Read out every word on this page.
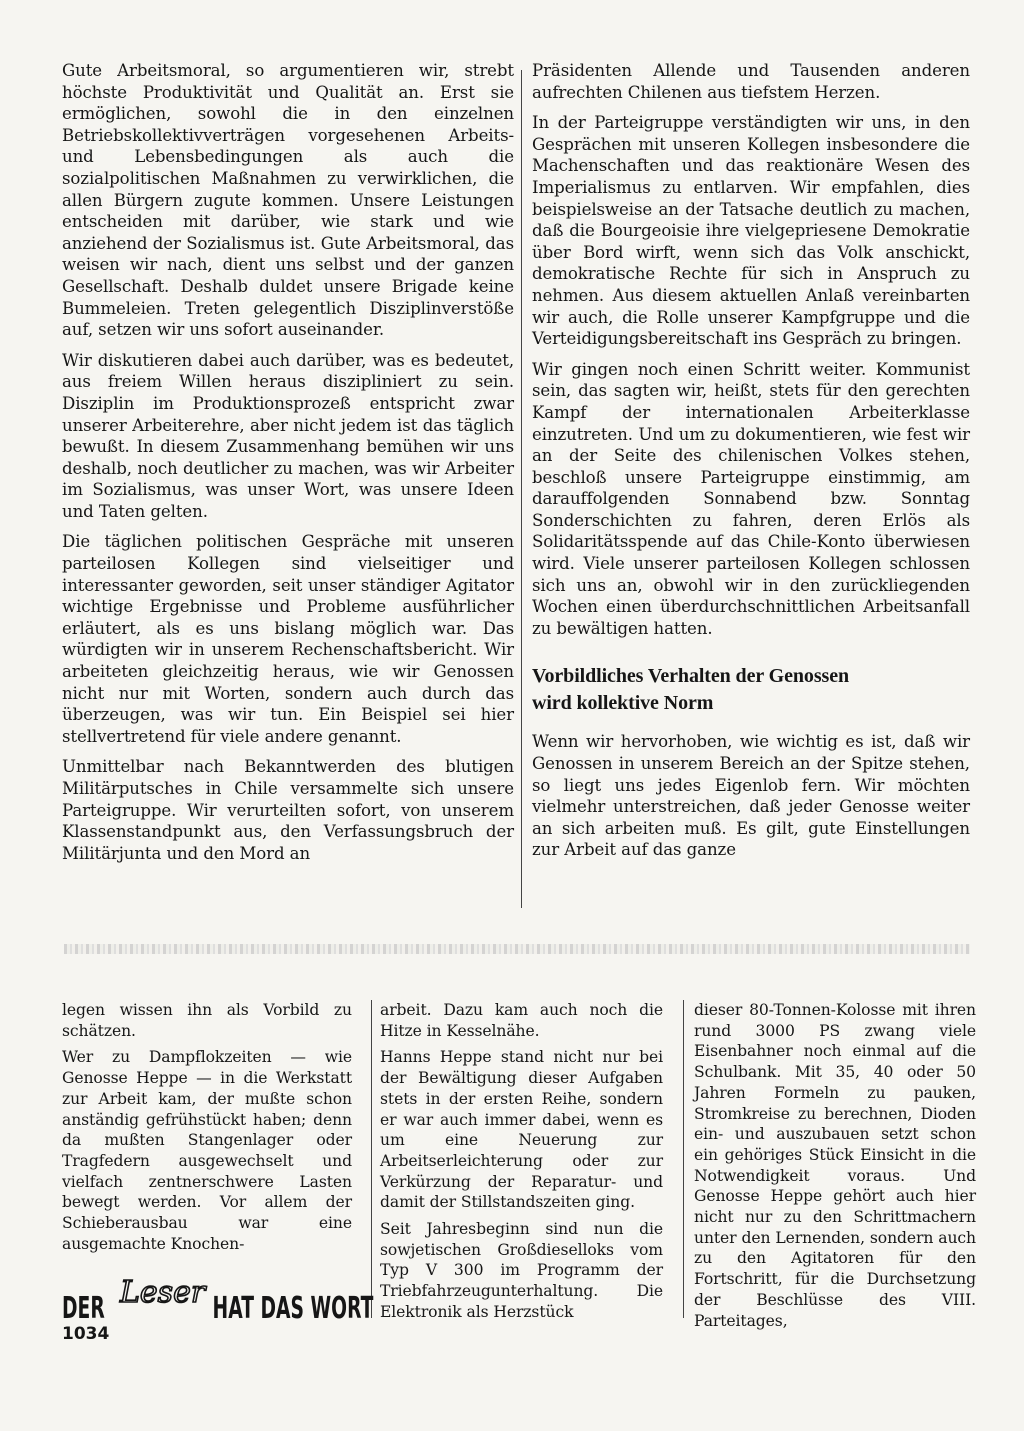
Gute Arbeitsmoral, so argumentieren wir, strebt höchste Produktivität und Qualität an. Erst sie ermöglichen, sowohl die in den einzelnen Betriebskollektivverträgen vorgesehenen Arbeits- und Lebensbedingungen als auch die sozialpolitischen Maßnahmen zu verwirklichen, die allen Bürgern zugute kommen. Unsere Leistungen entscheiden mit darüber, wie stark und wie anziehend der Sozialismus ist. Gute Arbeitsmoral, das weisen wir nach, dient uns selbst und der ganzen Gesellschaft. Deshalb duldet unsere Brigade keine Bummeleien. Treten gelegentlich Disziplinverstöße auf, setzen wir uns sofort auseinander.

Wir diskutieren dabei auch darüber, was es bedeutet, aus freiem Willen heraus diszipliniert zu sein. Disziplin im Produktionsprozeß entspricht zwar unserer Arbeiterehre, aber nicht jedem ist das täglich bewußt. In diesem Zusammenhang bemühen wir uns deshalb, noch deutlicher zu machen, was wir Arbeiter im Sozialismus, was unser Wort, was unsere Ideen und Taten gelten.

Die täglichen politischen Gespräche mit unseren parteilosen Kollegen sind vielseitiger und interessanter geworden, seit unser ständiger Agitator wichtige Ergebnisse und Probleme ausführlicher erläutert, als es uns bislang möglich war. Das würdigten wir in unserem Rechenschaftsbericht. Wir arbeiteten gleichzeitig heraus, wie wir Genossen nicht nur mit Worten, sondern auch durch das überzeugen, was wir tun. Ein Beispiel sei hier stellvertretend für viele andere genannt.

Unmittelbar nach Bekanntwerden des blutigen Militärputsches in Chile versammelte sich unsere Parteigruppe. Wir verurteilten sofort, von unserem Klassenstandpunkt aus, den Verfassungsbruch der Militärjunta und den Mord an

Präsidenten Allende und Tausenden anderen aufrechten Chilenen aus tiefstem Herzen.

In der Parteigruppe verständigten wir uns, in den Gesprächen mit unseren Kollegen insbesondere die Machenschaften und das reaktionäre Wesen des Imperialismus zu entlarven. Wir empfahlen, dies beispielsweise an der Tatsache deutlich zu machen, daß die Bourgeoisie ihre vielgepriesene Demokratie über Bord wirft, wenn sich das Volk anschickt, demokratische Rechte für sich in Anspruch zu nehmen. Aus diesem aktuellen Anlaß vereinbarten wir auch, die Rolle unserer Kampfgruppe und die Verteidigungsbereitschaft ins Gespräch zu bringen.

Wir gingen noch einen Schritt weiter. Kommunist sein, das sagten wir, heißt, stets für den gerechten Kampf der internationalen Arbeiterklasse einzutreten. Und um zu dokumentieren, wie fest wir an der Seite des chilenischen Volkes stehen, beschloß unsere Parteigruppe einstimmig, am darauffolgenden Sonnabend bzw. Sonntag Sonderschichten zu fahren, deren Erlös als Solidaritätsspende auf das Chile-Konto überwiesen wird. Viele unserer parteilosen Kollegen schlossen sich uns an, obwohl wir in den zurückliegenden Wochen einen überdurchschnittlichen Arbeitsanfall zu bewältigen hatten.

Vorbildliches Verhalten der Genossen
wird kollektive Norm

Wenn wir hervorhoben, wie wichtig es ist, daß wir Genossen in unserem Bereich an der Spitze stehen, so liegt uns jedes Eigenlob fern. Wir möchten vielmehr unterstreichen, daß jeder Genosse weiter an sich arbeiten muß. Es gilt, gute Einstellungen zur Arbeit auf das ganze

legen wissen ihn als Vorbild zu schätzen.

Wer zu Dampflokzeiten — wie Genosse Heppe — in die Werkstatt zur Arbeit kam, der mußte schon anständig gefrühstückt haben; denn da mußten Stangenlager oder Tragfedern ausgewechselt und vielfach zentnerschwere Lasten bewegt werden. Vor allem der Schieberausbau war eine ausgemachte Knochen-

arbeit. Dazu kam auch noch die Hitze in Kesselnähe.

Hanns Heppe stand nicht nur bei der Bewältigung dieser Aufgaben stets in der ersten Reihe, sondern er war auch immer dabei, wenn es um eine Neuerung zur Arbeitserleichterung oder zur Verkürzung der Reparatur- und damit der Stillstandszeiten ging.

Seit Jahresbeginn sind nun die sowjetischen Großdieselloks vom Typ V 300 im Programm der Triebfahrzeugunterhaltung. Die Elektronik als Herzstück

dieser 80-Tonnen-Kolosse mit ihren rund 3000 PS zwang viele Eisenbahner noch einmal auf die Schulbank. Mit 35, 40 oder 50 Jahren Formeln zu pauken, Stromkreise zu berechnen, Dioden ein- und auszubauen setzt schon ein gehöriges Stück Einsicht in die Notwendigkeit voraus. Und Genosse Heppe gehört auch hier nicht nur zu den Schrittmachern unter den Lernenden, sondern auch zu den Agitatoren für den Fortschritt, für die Durchsetzung der Beschlüsse des VIII. Parteitages,

DER Leser HAT DAS WORT
1034
